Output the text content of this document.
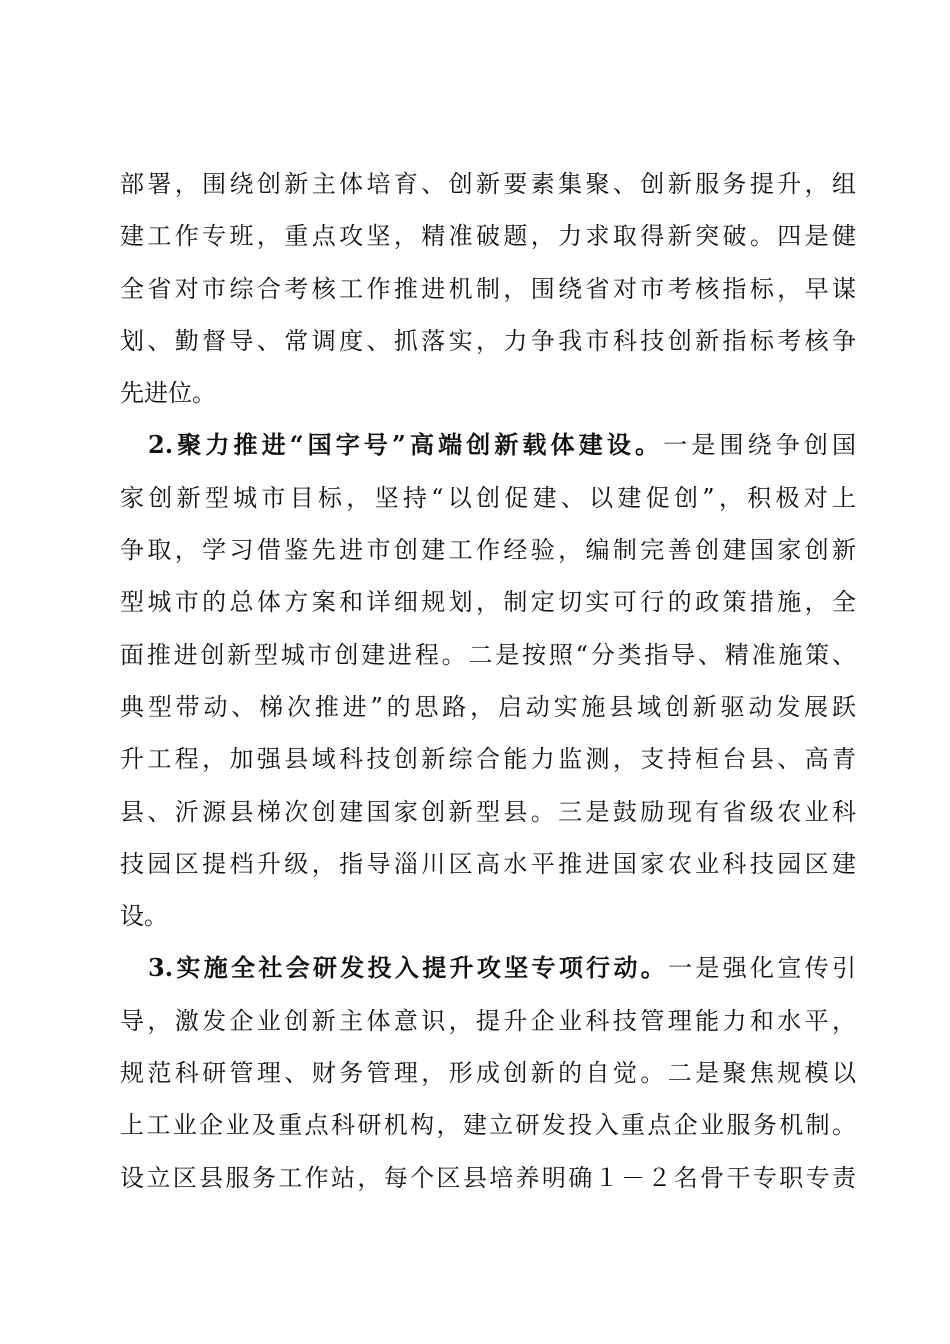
部署，围绕创新主体培育、创新要素集聚、创新服务提升，组
建工作专班，重点攻坚，精准破题，力求取得新突破。四是健
全省对市综合考核工作推进机制，围绕省对市考核指标，早谋
划、勤督导、常调度、抓落实，力争我市科技创新指标考核争
先进位。
2.聚力推进“国字号”高端创新载体建设。一是围绕争创国
家创新型城市目标，坚持“以创促建、以建促创”，积极对上
争取，学习借鉴先进市创建工作经验，编制完善创建国家创新
型城市的总体方案和详细规划，制定切实可行的政策措施，全
面推进创新型城市创建进程。二是按照“分类指导、精准施策、
典型带动、梯次推进”的思路，启动实施县域创新驱动发展跃
升工程，加强县域科技创新综合能力监测，支持桓台县、高青
县、沂源县梯次创建国家创新型县。三是鼓励现有省级农业科
技园区提档升级，指导淄川区高水平推进国家农业科技园区建
设。
3.实施全社会研发投入提升攻坚专项行动。一是强化宣传引
导，激发企业创新主体意识，提升企业科技管理能力和水平，
规范科研管理、财务管理，形成创新的自觉。二是聚焦规模以
上工业企业及重点科研机构，建立研发投入重点企业服务机制。
设立区县服务工作站，每个区县培养明确１－２名骨干专职专责
